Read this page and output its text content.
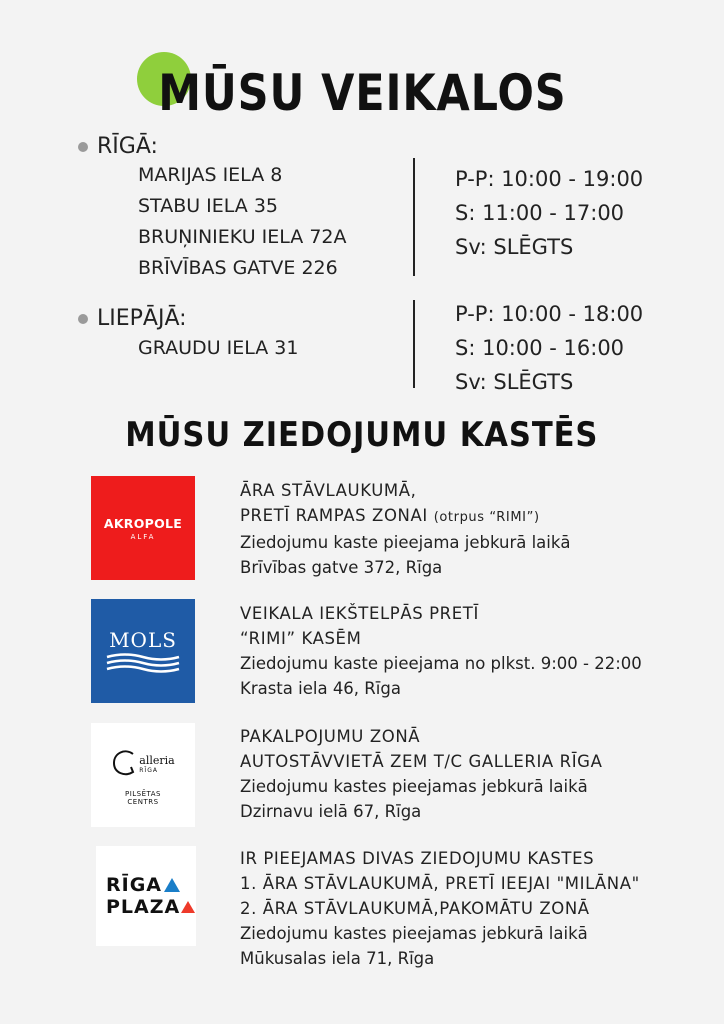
MŪSU VEIKALOS
RĪGĀ:
MARIJAS IELA 8
STABU IELA 35
BRUŅINIEKU IELA 72A
BRĪVĪBAS GATVE 226
P-P: 10:00 - 19:00
S: 11:00 - 17:00
Sv: SLĒGTS
LIEPĀJĀ:
GRAUDU IELA 31
P-P: 10:00 - 18:00
S: 10:00 - 16:00
Sv: SLĒGTS
MŪSU ZIEDOJUMU KASTĒS
AKROPOLE
ALFA
ĀRA STĀVLAUKUMĀ,
PRETĪ RAMPAS ZONAI (otrpus “RIMI”)
Ziedojumu kaste pieejama jebkurā laikā
Brīvības gatve 372, Rīga
MOLS
VEIKALA IEKŠTELPĀS PRETĪ
“RIMI” KASĒM
Ziedojumu kaste pieejama no plkst. 9:00 - 22:00
Krasta iela 46, Rīga
alleria
RĪGA
PILSĒTAS
CENTRS
PAKALPOJUMU ZONĀ
AUTOSTĀVVIETĀ ZEM T/C GALLERIA RĪGA
Ziedojumu kastes pieejamas jebkurā laikā
Dzirnavu ielā 67, Rīga
RĪGA
PLAZA
IR PIEEJAMAS DIVAS ZIEDOJUMU KASTES
1. ĀRA STĀVLAUKUMĀ, PRETĪ IEEJAI "MILĀNA"
2. ĀRA STĀVLAUKUMĀ,PAKOMĀTU ZONĀ
Ziedojumu kastes pieejamas jebkurā laikā
Mūkusalas iela 71, Rīga
